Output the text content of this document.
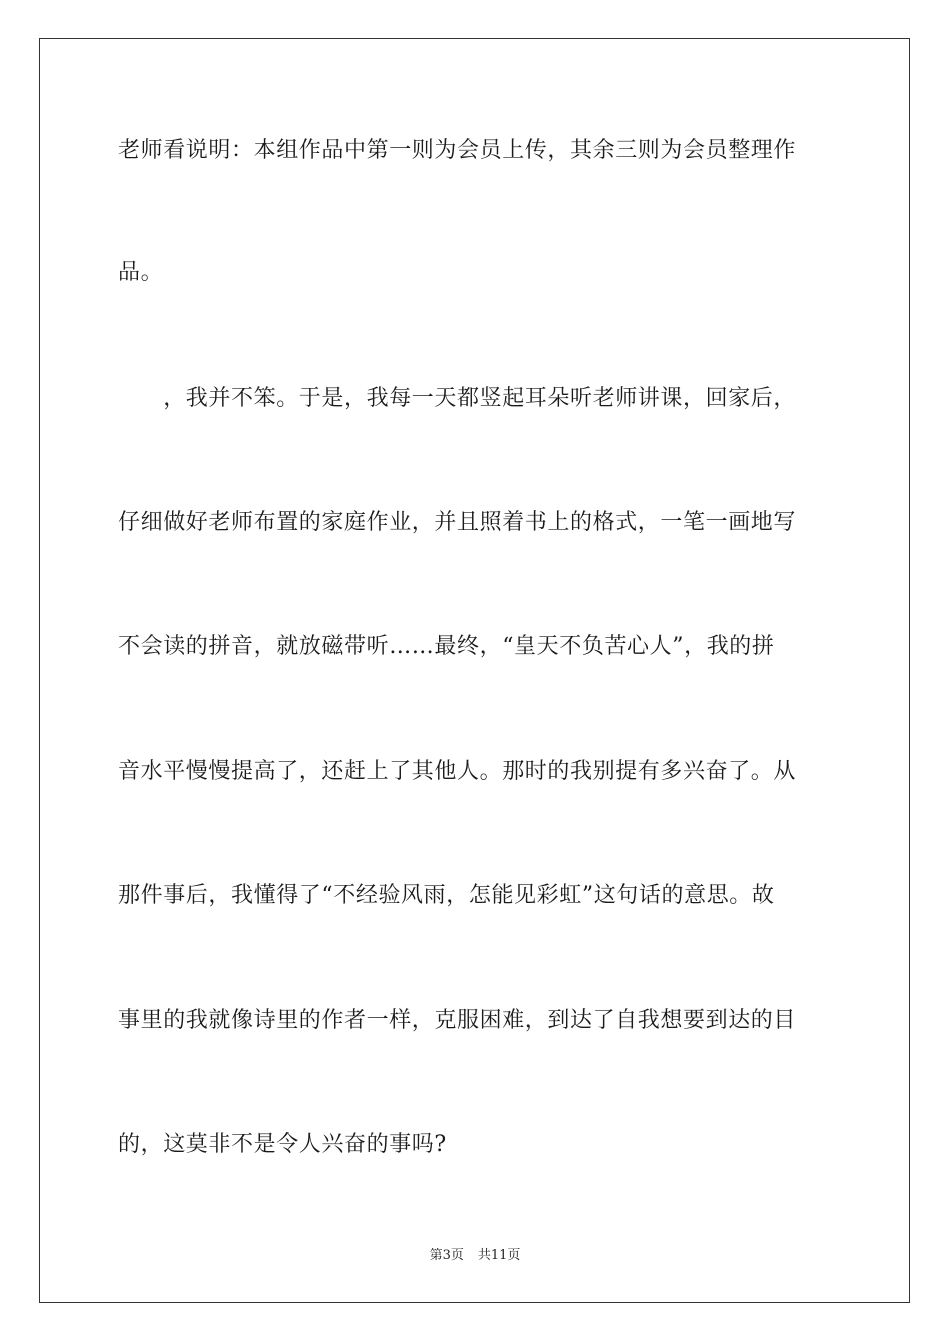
老师看说明：本组作品中第一则为会员上传，其余三则为会员整理作
品。
　　，我并不笨。于是，我每一天都竖起耳朵听老师讲课，回家后，
仔细做好老师布置的家庭作业，并且照着书上的格式，一笔一画地写
不会读的拼音，就放磁带听……最终，“皇天不负苦心人”，我的拼
音水平慢慢提高了，还赶上了其他人。那时的我别提有多兴奋了。从
那件事后，我懂得了“不经验风雨，怎能见彩虹”这句话的意思。故
事里的我就像诗里的作者一样，克服困难，到达了自我想要到达的目
的，这莫非不是令人兴奋的事吗?
第3页 共11页
